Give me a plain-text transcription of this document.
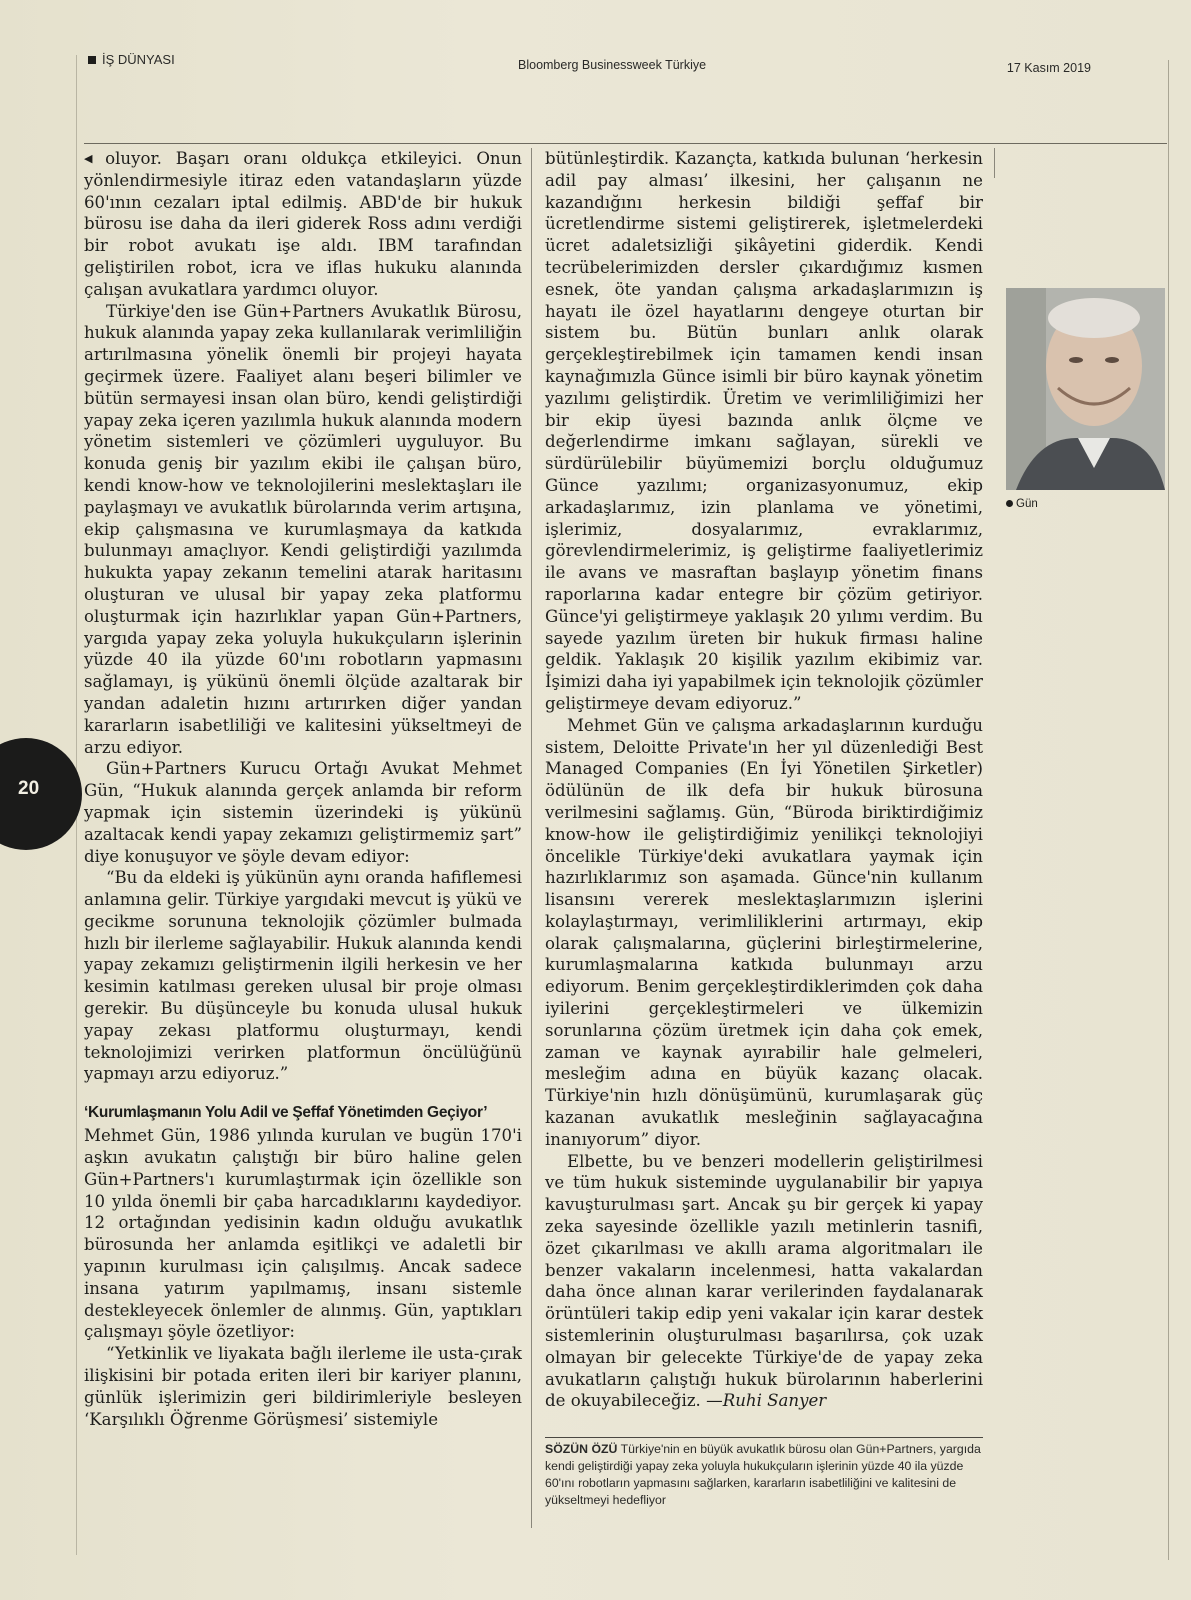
İŞ DÜNYASI	Bloomberg Businessweek Türkiye	17 Kasım 2019

◀ oluyor. Başarı oranı oldukça etkileyici. Onun yönlendirmesiyle itiraz eden vatandaşların yüzde 60'ının cezaları iptal edilmiş. ABD'de bir hukuk bürosu ise daha da ileri giderek Ross adını verdiği bir robot avukatı işe aldı. IBM tarafından geliştirilen robot, icra ve iflas hukuku alanında çalışan avukatlara yardımcı oluyor.

Türkiye'den ise Gün+Partners Avukatlık Bürosu, hukuk alanında yapay zeka kullanılarak verimliliğin artırılmasına yönelik önemli bir projeyi hayata geçirmek üzere. Faaliyet alanı beşeri bilimler ve bütün sermayesi insan olan büro, kendi geliştirdiği yapay zeka içeren yazılımla hukuk alanında modern yönetim sistemleri ve çözümleri uyguluyor. Bu konuda geniş bir yazılım ekibi ile çalışan büro, kendi know-how ve teknolojilerini meslektaşları ile paylaşmayı ve avukatlık bürolarında verim artışına, ekip çalışmasına ve kurumlaşmaya da katkıda bulunmayı amaçlıyor. Kendi geliştirdiği yazılımda hukukta yapay zekanın temelini atarak haritasını oluşturan ve ulusal bir yapay zeka platformu oluşturmak için hazırlıklar yapan Gün+Partners, yargıda yapay zeka yoluyla hukukçuların işlerinin yüzde 40 ila yüzde 60'ını robotların yapmasını sağlamayı, iş yükünü önemli ölçüde azaltarak bir yandan adaletin hızını artırırken diğer yandan kararların isabetliliği ve kalitesini yükseltmeyi de arzu ediyor.

Gün+Partners Kurucu Ortağı Avukat Mehmet Gün, “Hukuk alanında gerçek anlamda bir reform yapmak için sistemin üzerindeki iş yükünü azaltacak kendi yapay zekamızı geliştirmemiz şart” diye konuşuyor ve şöyle devam ediyor:

“Bu da eldeki iş yükünün aynı oranda hafiflemesi anlamına gelir. Türkiye yargıdaki mevcut iş yükü ve gecikme sorununa teknolojik çözümler bulmada hızlı bir ilerleme sağlayabilir. Hukuk alanında kendi yapay zekamızı geliştirmenin ilgili herkesin ve her kesimin katılması gereken ulusal bir proje olması gerekir. Bu düşünceyle bu konuda ulusal hukuk yapay zekası platformu oluşturmayı, kendi teknolojimizi verirken platformun öncülüğünü yapmayı arzu ediyoruz.”

‘Kurumlaşmanın Yolu Adil ve Şeffaf Yönetimden Geçiyor’

Mehmet Gün, 1986 yılında kurulan ve bugün 170'i aşkın avukatın çalıştığı bir büro haline gelen Gün+Partners'ı kurumlaştırmak için özellikle son 10 yılda önemli bir çaba harcadıklarını kaydediyor. 12 ortağından yedisinin kadın olduğu avukatlık bürosunda her anlamda eşitlikçi ve adaletli bir yapının kurulması için çalışılmış. Ancak sadece insana yatırım yapılmamış, insanı sistemle destekleyecek önlemler de alınmış. Gün, yaptıkları çalışmayı şöyle özetliyor:

“Yetkinlik ve liyakata bağlı ilerleme ile usta-çırak ilişkisini bir potada eriten ileri bir kariyer planını, günlük işlerimizin geri bildirimleriyle besleyen ‘Karşılıklı Öğrenme Görüşmesi’ sistemiyle

bütünleştirdik. Kazançta, katkıda bulunan ‘herkesin adil pay alması’ ilkesini, her çalışanın ne kazandığını herkesin bildiği şeffaf bir ücretlendirme sistemi geliştirerek, işletmelerdeki ücret adaletsizliği şikâyetini giderdik. Kendi tecrübelerimizden dersler çıkardığımız kısmen esnek, öte yandan çalışma arkadaşlarımızın iş hayatı ile özel hayatlarını dengeye oturtan bir sistem bu. Bütün bunları anlık olarak gerçekleştirebilmek için tamamen kendi insan kaynağımızla Günce isimli bir büro kaynak yönetim yazılımı geliştirdik. Üretim ve verimliliğimizi her bir ekip üyesi bazında anlık ölçme ve değerlendirme imkanı sağlayan, sürekli ve sürdürülebilir büyümemizi borçlu olduğumuz Günce yazılımı; organizasyonumuz, ekip arkadaşlarımız, izin planlama ve yönetimi, işlerimiz, dosyalarımız, evraklarımız, görevlendirmelerimiz, iş geliştirme faaliyetlerimiz ile avans ve masraftan başlayıp yönetim finans raporlarına kadar entegre bir çözüm getiriyor. Günce'yi geliştirmeye yaklaşık 20 yılımı verdim. Bu sayede yazılım üreten bir hukuk firması haline geldik. Yaklaşık 20 kişilik yazılım ekibimiz var. İşimizi daha iyi yapabilmek için teknolojik çözümler geliştirmeye devam ediyoruz.”

Mehmet Gün ve çalışma arkadaşlarının kurduğu sistem, Deloitte Private'ın her yıl düzenlediği Best Managed Companies (En İyi Yönetilen Şirketler) ödülünün de ilk defa bir hukuk bürosuna verilmesini sağlamış. Gün, “Büroda biriktirdiğimiz know-how ile geliştirdiğimiz yenilikçi teknolojiyi öncelikle Türkiye'deki avukatlara yaymak için hazırlıklarımız son aşamada. Günce'nin kullanım lisansını vererek meslektaşlarımızın işlerini kolaylaştırmayı, verimliliklerini artırmayı, ekip olarak çalışmalarına, güçlerini birleştirmelerine, kurumlaşmalarına katkıda bulunmayı arzu ediyorum. Benim gerçekleştirdiklerimden çok daha iyilerini gerçekleştirmeleri ve ülkemizin sorunlarına çözüm üretmek için daha çok emek, zaman ve kaynak ayırabilir hale gelmeleri, mesleğim adına en büyük kazanç olacak. Türkiye'nin hızlı dönüşümünü, kurumlaşarak güç kazanan avukatlık mesleğinin sağlayacağına inanıyorum” diyor.

Elbette, bu ve benzeri modellerin geliştirilmesi ve tüm hukuk sisteminde uygulanabilir bir yapıya kavuşturulması şart. Ancak şu bir gerçek ki yapay zeka sayesinde özellikle yazılı metinlerin tasnifi, özet çıkarılması ve akıllı arama algoritmaları ile benzer vakaların incelenmesi, hatta vakalardan daha önce alınan karar verilerinden faydalanarak örüntüleri takip edip yeni vakalar için karar destek sistemlerinin oluşturulması başarılırsa, çok uzak olmayan bir gelecekte Türkiye'de de yapay zeka avukatların çalıştığı hukuk bürolarının haberlerini de okuyabileceğiz. —Ruhi Sanyer

20
Gün
SÖZÜN ÖZÜ Türkiye'nin en büyük avukatlık bürosu olan Gün+Partners, yargıda kendi geliştirdiği yapay zeka yoluyla hukukçuların işlerinin yüzde 40 ila yüzde 60'ını robotların yapmasını sağlarken, kararların isabetliliğini ve kalitesini de yükseltmeyi hedefliyor
